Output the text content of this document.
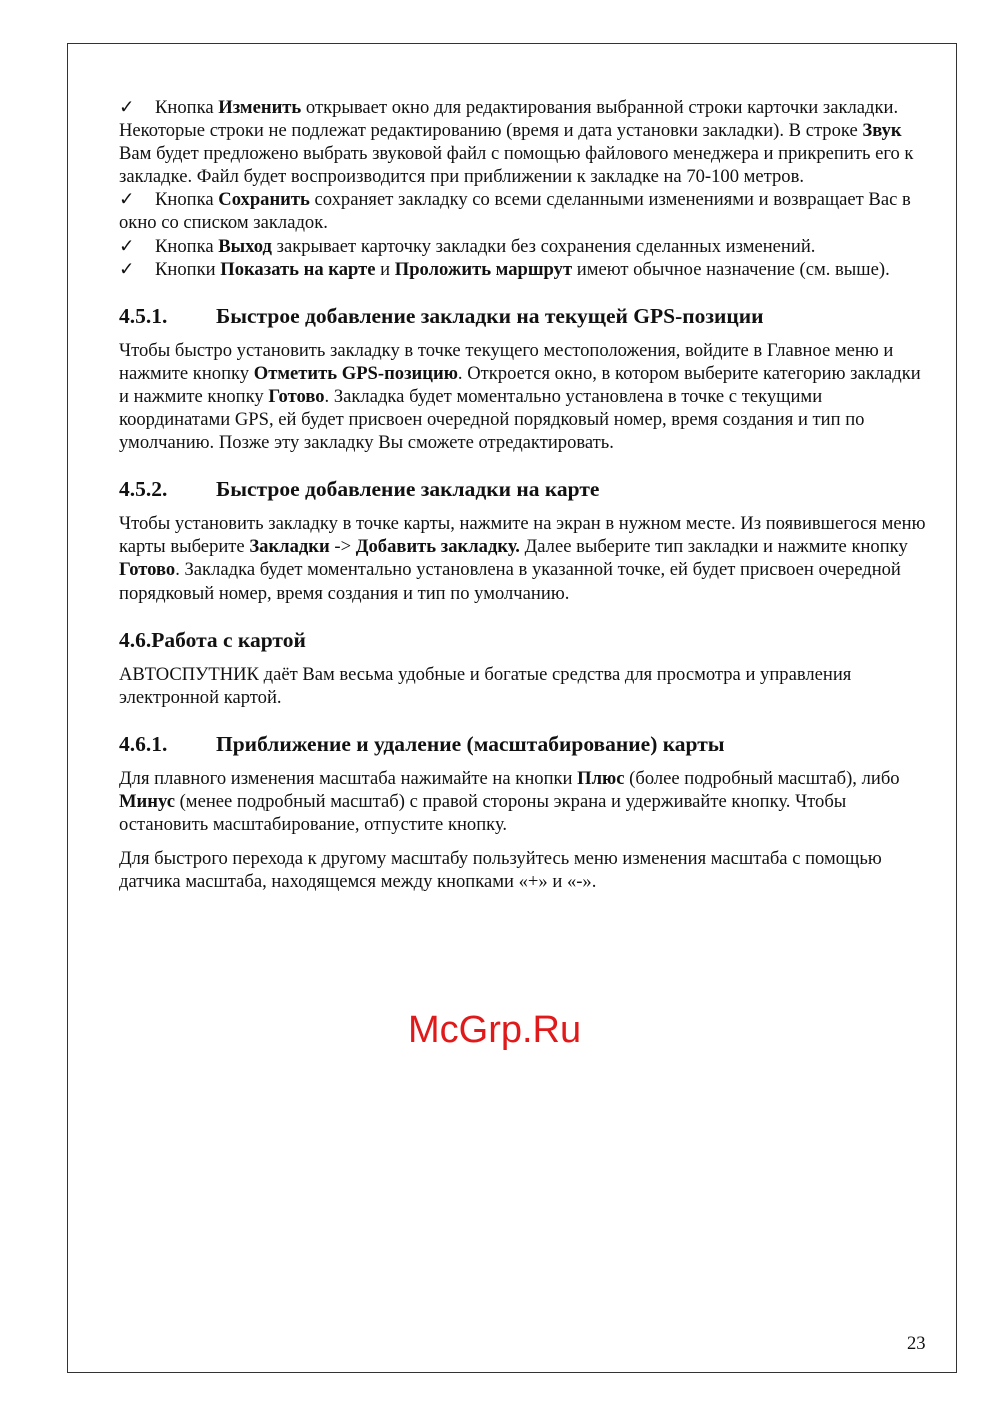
✓ Кнопка Изменить открывает окно для редактирования выбранной строки карточки закладки. Некоторые строки не подлежат редактированию (время и дата установки закладки). В строке Звук Вам будет предложено выбрать звуковой файл с помощью файлового менеджера и прикрепить его к закладке. Файл будет воспроизводится при приближении к закладке на 70-100 метров.

✓ Кнопка Сохранить сохраняет закладку со всеми сделанными изменениями и возвращает Вас в окно со списком закладок.

✓ Кнопка Выход закрывает карточку закладки без сохранения сделанных изменений.

✓ Кнопки Показать на карте и Проложить маршрут имеют обычное назначение (см. выше).

4.5.1. Быстрое добавление закладки на текущей GPS-позиции

Чтобы быстро установить закладку в точке текущего местоположения, войдите в Главное меню и нажмите кнопку Отметить GPS-позицию. Откроется окно, в котором выберите категорию закладки и нажмите кнопку Готово. Закладка будет моментально установлена в точке с текущими координатами GPS, ей будет присвоен очередной порядковый номер, время создания и тип по умолчанию. Позже эту закладку Вы сможете отредактировать.

4.5.2. Быстрое добавление закладки на карте

Чтобы установить закладку в точке карты, нажмите на экран в нужном месте. Из появившегося меню карты выберите Закладки -> Добавить закладку. Далее выберите тип закладки и нажмите кнопку Готово. Закладка будет моментально установлена в указанной точке, ей будет присвоен очередной порядковый номер, время создания и тип по умолчанию.

4.6.Работа с картой

АВТОСПУТНИК даёт Вам весьма удобные и богатые средства для просмотра и управления электронной картой.

4.6.1. Приближение и удаление (масштабирование) карты

Для плавного изменения масштаба нажимайте на кнопки Плюс (более подробный масштаб), либо Минус (менее подробный масштаб) с правой стороны экрана и удерживайте кнопку. Чтобы остановить масштабирование, отпустите кнопку.

Для быстрого перехода к другому масштабу пользуйтесь меню изменения масштаба с помощью датчика масштаба, находящемся между кнопками «+» и «-».

McGrp.Ru
23
